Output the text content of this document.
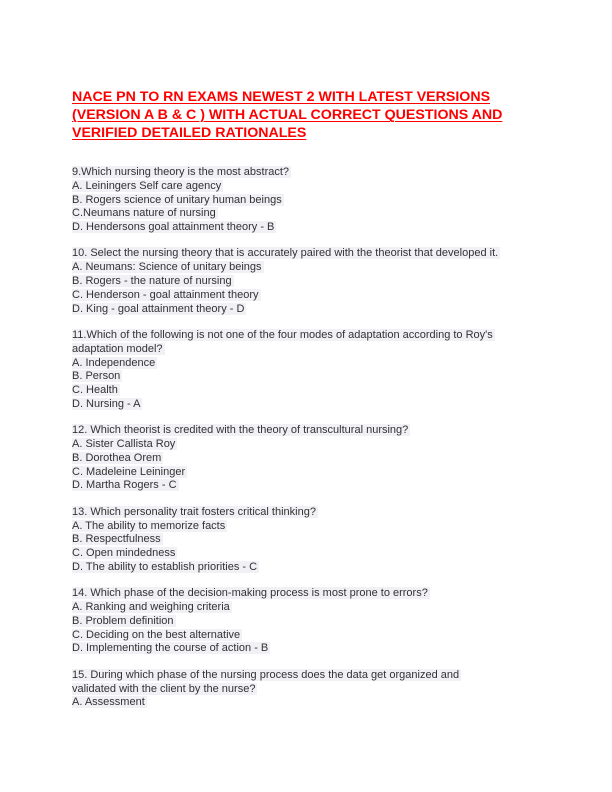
NACE PN TO RN EXAMS NEWEST 2 WITH LATEST VERSIONS
(VERSION A B & C ) WITH ACTUAL CORRECT QUESTIONS AND
VERIFIED DETAILED RATIONALES
9.Which nursing theory is the most abstract?
A. Leiningers Self care agency
B. Rogers science of unitary human beings
C.Neumans nature of nursing
D. Hendersons goal attainment theory - B
10. Select the nursing theory that is accurately paired with the theorist that developed it.
A. Neumans: Science of unitary beings
B. Rogers - the nature of nursing
C. Henderson - goal attainment theory
D. King - goal attainment theory - D
11.Which of the following is not one of the four modes of adaptation according to Roy's
adaptation model?
A. Independence
B. Person
C. Health
D. Nursing - A
12. Which theorist is credited with the theory of transcultural nursing?
A. Sister Callista Roy
B. Dorothea Orem
C. Madeleine Leininger
D. Martha Rogers - C
13. Which personality trait fosters critical thinking?
A. The ability to memorize facts
B. Respectfulness
C. Open mindedness
D. The ability to establish priorities - C
14. Which phase of the decision-making process is most prone to errors?
A. Ranking and weighing criteria
B. Problem definition
C. Deciding on the best alternative
D. Implementing the course of action - B
15. During which phase of the nursing process does the data get organized and
validated with the client by the nurse?
A. Assessment
